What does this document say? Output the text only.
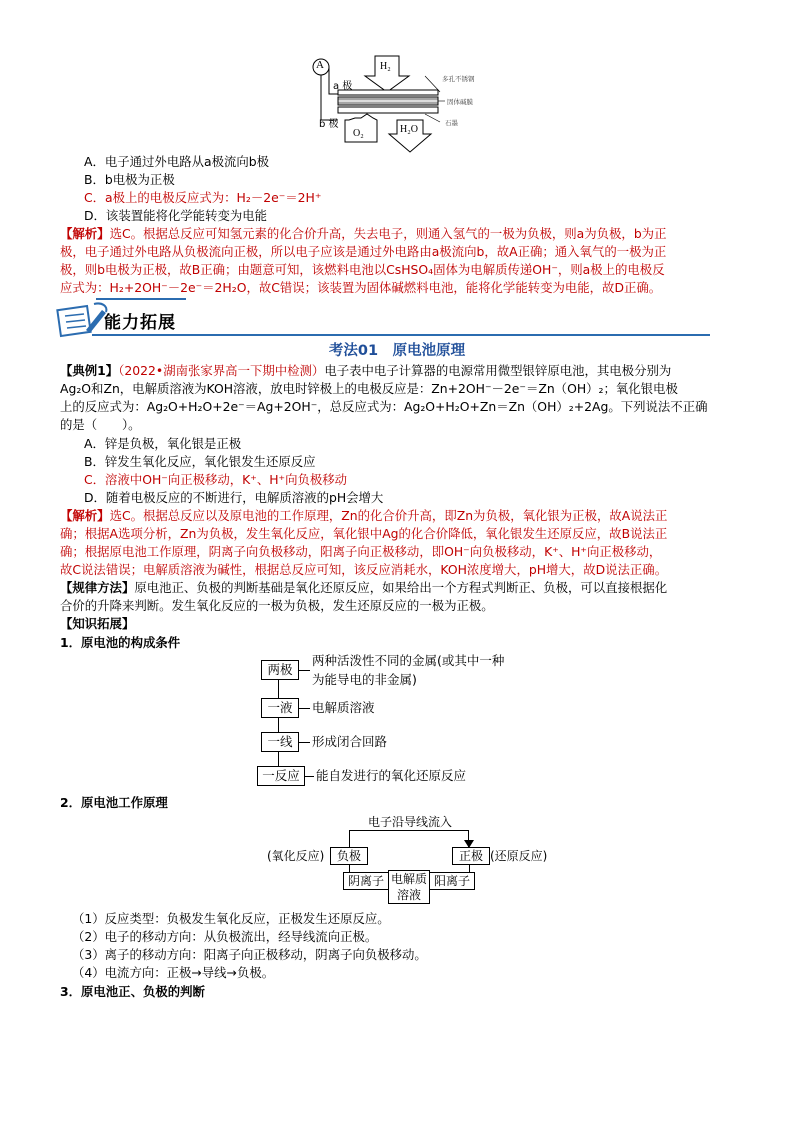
A
a 极
b 极
H₂
O₂	H₂O
多孔不锈钢
固体碱膜
石墨
A．电子通过外电路从a极流向b极
B．b电极为正极
C．a极上的电极反应式为：H₂－2e⁻＝2H⁺
D．该装置能将化学能转变为电能
【解析】选C。根据总反应可知氢元素的化合价升高，失去电子，则通入氢气的一极为负极，则a为负极，b为正
极，电子通过外电路从负极流向正极，所以电子应该是通过外电路由a极流向b，故A正确；通入氧气的一极为正
极，则b电极为正极，故B正确；由题意可知，该燃料电池以CsHSO₄固体为电解质传递OH⁻，则a极上的电极反
应式为：H₂+2OH⁻－2e⁻＝2H₂O，故C错误；该装置为固体碱燃料电池，能将化学能转变为电能，故D正确。
能力拓展
考法01　原电池原理
【典例1】（2022•湖南张家界高一下期中检测）电子表中电子计算器的电源常用微型银锌原电池，其电极分别为
Ag₂O和Zn，电解质溶液为KOH溶液，放电时锌极上的电极反应是：Zn+2OH⁻－2e⁻＝Zn（OH）₂；氧化银电极
上的反应式为：Ag₂O+H₂O+2e⁻＝Ag+2OH⁻，总反应式为：Ag₂O+H₂O+Zn＝Zn（OH）₂+2Ag。下列说法不正确
的是（　　）。
A．锌是负极，氧化银是正极
B．锌发生氧化反应，氧化银发生还原反应
C．溶液中OH⁻向正极移动，K⁺、H⁺向负极移动
D．随着电极反应的不断进行，电解质溶液的pH会增大
【解析】选C。根据总反应以及原电池的工作原理，Zn的化合价升高，即Zn为负极，氧化银为正极，故A说法正
确；根据A选项分析，Zn为负极，发生氧化反应，氧化银中Ag的化合价降低，氧化银发生还原反应，故B说法正
确；根据原电池工作原理，阴离子向负极移动，阳离子向正极移动，即OH⁻向负极移动，K⁺、H⁺向正极移动，
故C说法错误；电解质溶液为碱性，根据总反应可知，该反应消耗水，KOH浓度增大，pH增大，故D说法正确。
【规律方法】原电池正、负极的判断基础是氧化还原反应，如果给出一个方程式判断正、负极，可以直接根据化
合价的升降来判断。发生氧化反应的一极为负极，发生还原反应的一极为正极。
【知识拓展】
1．原电池的构成条件
两极
两种活泼性不同的金属(或其中一种
为能导电的非金属)
一液	电解质溶液
一线	形成闭合回路
一反应	能自发进行的氧化还原反应
2．原电池工作原理
电子沿导线流入
(氧化反应)	负极	正极 (还原反应)
阴离子 电解质
溶液
阳离子
（1）反应类型：负极发生氧化反应，正极发生还原反应。
（2）电子的移动方向：从负极流出，经导线流向正极。
（3）离子的移动方向：阳离子向正极移动，阴离子向负极移动。
（4）电流方向：正极→导线→负极。
3．原电池正、负极的判断
